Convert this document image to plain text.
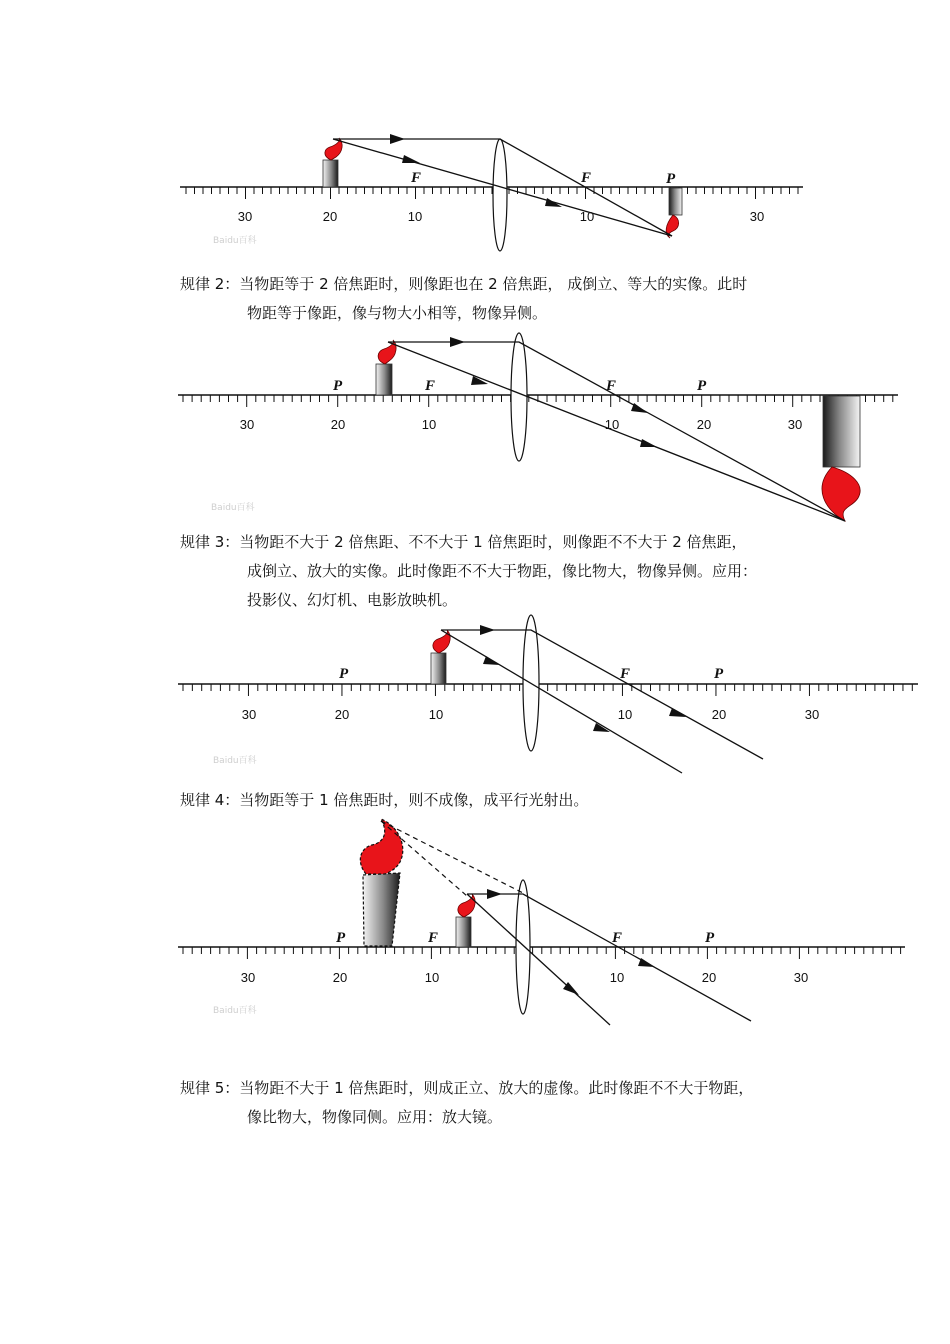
30	20	10	10	30
F	F	P
Baidu百科
规律 2：当物距等于 2 倍焦距时，则像距也在 2 倍焦距， 成倒立、等大的实像。此时
物距等于像距，像与物大小相等，物像异侧。
30	20	10	10	20	30
P	F	F	P
Baidu百科
规律 3：当物距不大于 2 倍焦距、不不大于 1 倍焦距时，则像距不不大于 2 倍焦距，
成倒立、放大的实像。此时像距不不大于物距，像比物大，物像异侧。应用：
投影仪、幻灯机、电影放映机。
30	20	10	10	20	30
P	F	P
Baidu百科
规律 4：当物距等于 1 倍焦距时，则不成像，成平行光射出。
30	20	10	10	20	30
P	F	F	P
Baidu百科
规律 5：当物距不大于 1 倍焦距时，则成正立、放大的虚像。此时像距不不大于物距，
像比物大，物像同侧。应用：放大镜。
